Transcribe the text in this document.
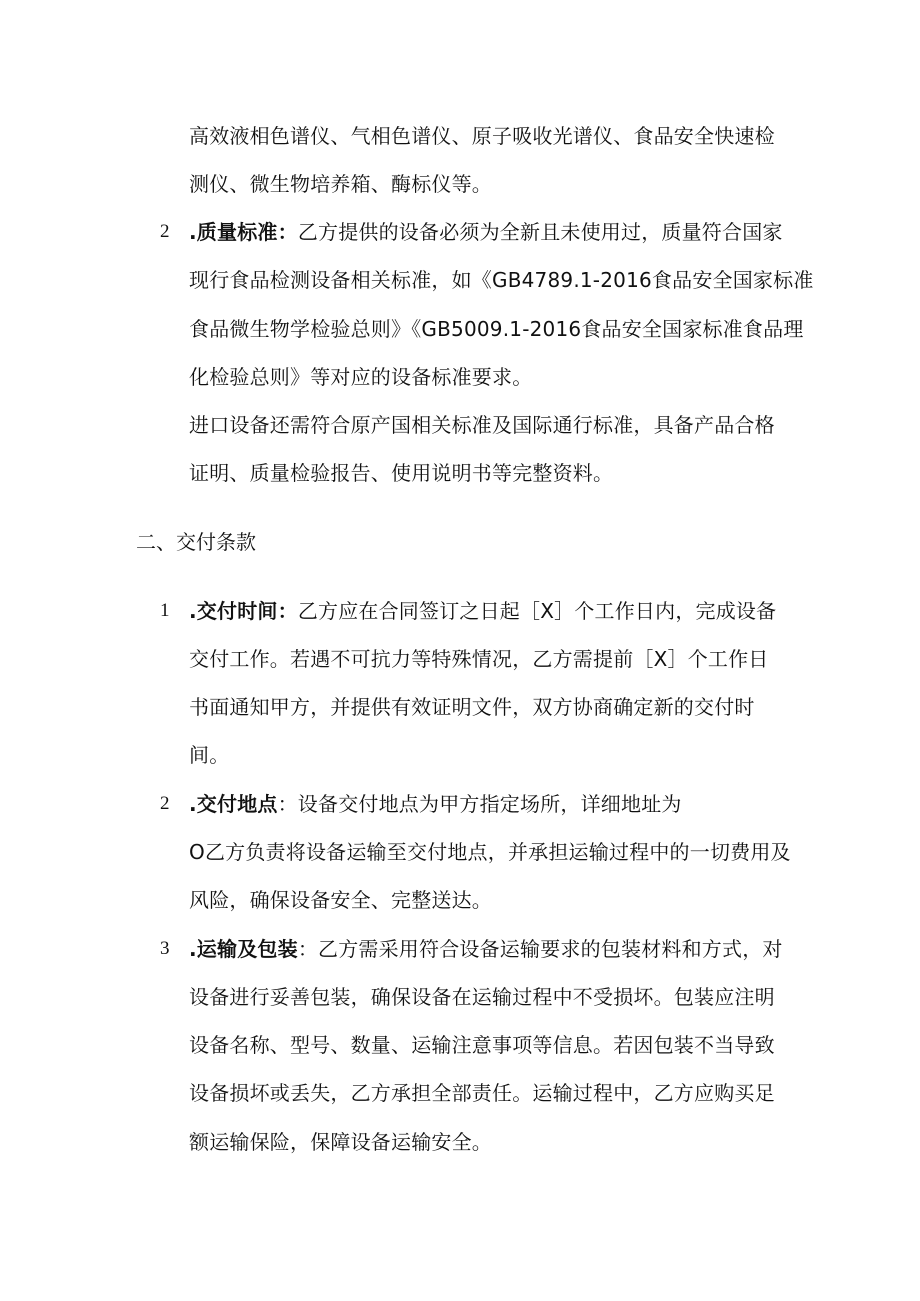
高效液相色谱仪、气相色谱仪、原子吸收光谱仪、食品安全快速检
测仪、微生物培养箱、酶标仪等。
2 .质量标准：乙方提供的设备必须为全新且未使用过，质量符合国家
现行食品检测设备相关标准，如《GB4789.1-2016食品安全国家标准
食品微生物学检验总则》《GB5009.1-2016食品安全国家标准食品理
化检验总则》等对应的设备标准要求。
进口设备还需符合原产国相关标准及国际通行标准，具备产品合格
证明、质量检验报告、使用说明书等完整资料。
二、交付条款
1 .交付时间：乙方应在合同签订之日起［X］个工作日内，完成设备
交付工作。若遇不可抗力等特殊情况，乙方需提前［X］个工作日
书面通知甲方，并提供有效证明文件，双方协商确定新的交付时
间。
2 .交付地点：设备交付地点为甲方指定场所，详细地址为
O乙方负责将设备运输至交付地点，并承担运输过程中的一切费用及
风险，确保设备安全、完整送达。
3 .运输及包装：乙方需采用符合设备运输要求的包装材料和方式，对
设备进行妥善包装，确保设备在运输过程中不受损坏。包装应注明
设备名称、型号、数量、运输注意事项等信息。若因包装不当导致
设备损坏或丢失，乙方承担全部责任。运输过程中，乙方应购买足
额运输保险，保障设备运输安全。
